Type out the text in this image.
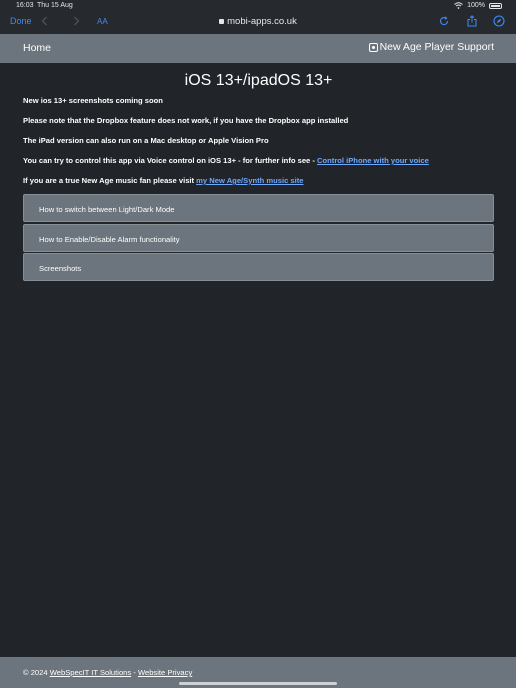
16:03 Thu 15 Aug	100%
Done	AA	mobi-apps.co.uk
Home	New Age Player Support
iOS 13+/ipadOS 13+
New ios 13+ screenshots coming soon
Please note that the Dropbox feature does not work, if you have the Dropbox app installed
The iPad version can also run on a Mac desktop or Apple Vision Pro
You can try to control this app via Voice control on iOS 13+ - for further info see - Control iPhone with your voice
If you are a true New Age music fan please visit my New Age/Synth music site
How to switch between Light/Dark Mode
How to Enable/Disable Alarm functionality
Screenshots
© 2024 WebSpecIT IT Solutions - Website Privacy
